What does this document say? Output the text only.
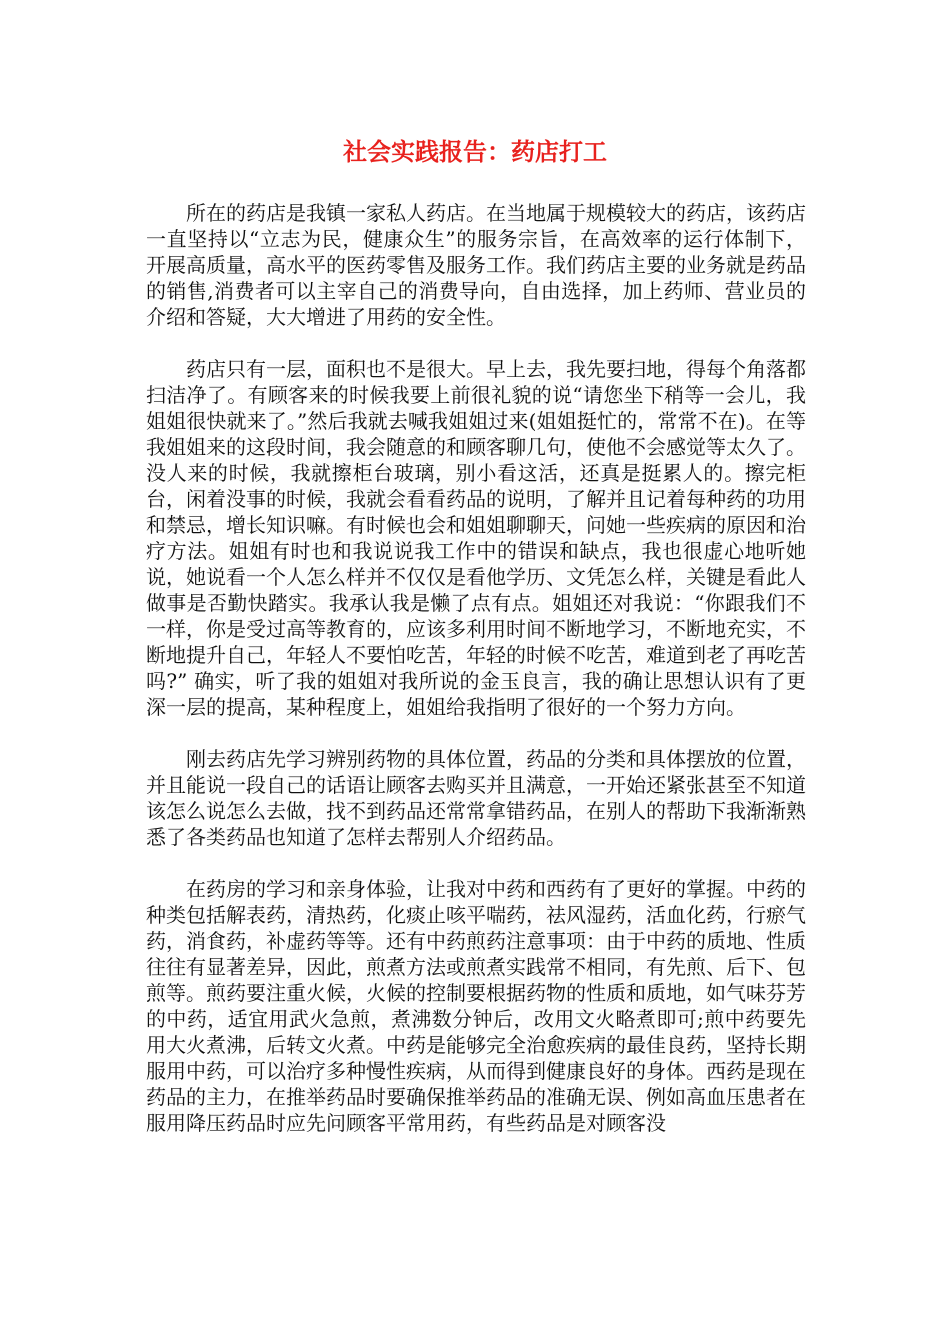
社会实践报告：药店打工

所在的药店是我镇一家私人药店。在当地属于规模较大的药店，该药店一直坚持以“立志为民，健康众生”的服务宗旨，在高效率的运行体制下，开展高质量，高水平的医药零售及服务工作。我们药店主要的业务就是药品的销售,消费者可以主宰自己的消费导向，自由选择，加上药师、营业员的介绍和答疑，大大增进了用药的安全性。

药店只有一层，面积也不是很大。早上去，我先要扫地，得每个角落都扫洁净了。有顾客来的时候我要上前很礼貌的说“请您坐下稍等一会儿，我姐姐很快就来了。”然后我就去喊我姐姐过来(姐姐挺忙的，常常不在)。在等我姐姐来的这段时间，我会随意的和顾客聊几句，使他不会感觉等太久了。没人来的时候，我就擦柜台玻璃，别小看这活，还真是挺累人的。擦完柜台，闲着没事的时候，我就会看看药品的说明，了解并且记着每种药的功用和禁忌，增长知识嘛。有时候也会和姐姐聊聊天，问她一些疾病的原因和治疗方法。姐姐有时也和我说说我工作中的错误和缺点，我也很虚心地听她说，她说看一个人怎么样并不仅仅是看他学历、文凭怎么样，关键是看此人做事是否勤快踏实。我承认我是懒了点有点。姐姐还对我说：“你跟我们不一样，你是受过高等教育的，应该多利用时间不断地学习，不断地充实，不断地提升自己，年轻人不要怕吃苦，年轻的时候不吃苦，难道到老了再吃苦吗?” 确实，听了我的姐姐对我所说的金玉良言，我的确让思想认识有了更深一层的提高，某种程度上，姐姐给我指明了很好的一个努力方向。

刚去药店先学习辨别药物的具体位置，药品的分类和具体摆放的位置，并且能说一段自己的话语让顾客去购买并且满意，一开始还紧张甚至不知道该怎么说怎么去做，找不到药品还常常拿错药品，在别人的帮助下我渐渐熟悉了各类药品也知道了怎样去帮别人介绍药品。

在药房的学习和亲身体验，让我对中药和西药有了更好的掌握。中药的种类包括解表药，清热药，化痰止咳平喘药，祛风湿药，活血化药，行瘀气药，消食药，补虚药等等。还有中药煎药注意事项：由于中药的质地、性质往往有显著差异，因此，煎煮方法或煎煮实践常不相同，有先煎、后下、包煎等。煎药要注重火候，火候的控制要根据药物的性质和质地，如气味芬芳的中药，适宜用武火急煎，煮沸数分钟后，改用文火略煮即可;煎中药要先用大火煮沸，后转文火煮。中药是能够完全治愈疾病的最佳良药，坚持长期服用中药，可以治疗多种慢性疾病，从而得到健康良好的身体。西药是现在药品的主力，在推举药品时要确保推举药品的准确无误、例如高血压患者在服用降压药品时应先问顾客平常用药，有些药品是对顾客没
